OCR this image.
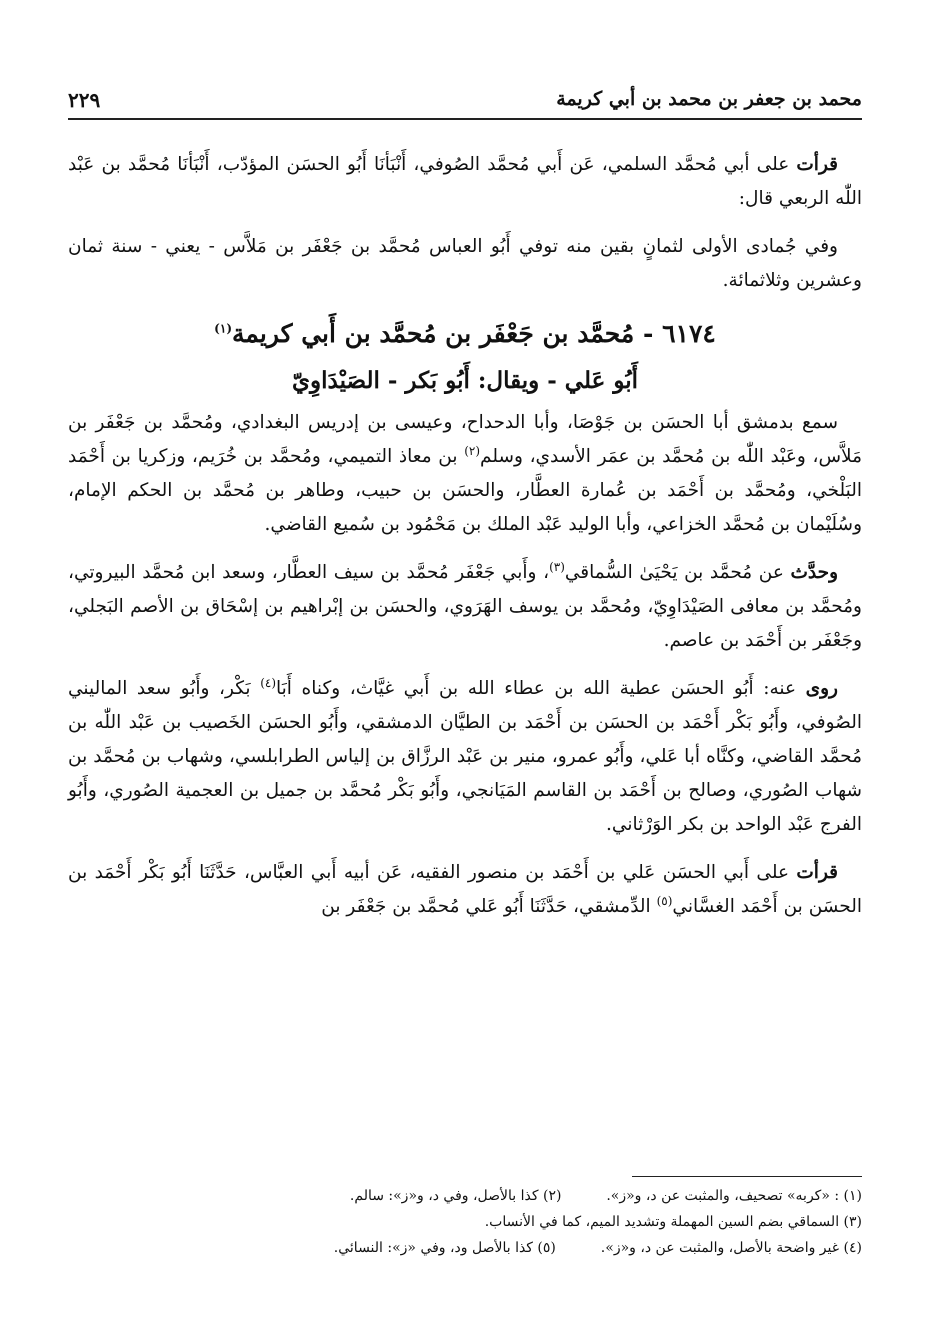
محمد بن جعفر بن محمد بن أبي كريمة
٢٢٩

قرأت على أبي مُحمَّد السلمي، عَن أَبي مُحمَّد الصُوفي، أَنْبَأنَا أَبُو الحسَن المؤدّب، أَنْبَأنَا مُحمَّد بن عَبْد اللّٰه الربعي قال:

وفي جُمادى الأولى لثمانٍ بقين منه توفي أَبُو العباس مُحمَّد بن جَعْفَر بن مَلاَّس - يعني - سنة ثمان وعشرين وثلاثمائة.

٦١٧٤ - مُحمَّد بن جَعْفَر بن مُحمَّد بن أَبي كريمة$^{(١)}$
أَبُو عَلي - ويقال: أَبُو بَكر - الصَيْدَاوِيّ

سمع بدمشق أبا الحسَن بن جَوْصَا، وأبا الدحداح، وعيسى بن إدريس البغدادي، ومُحمَّد بن جَعْفَر بن مَلاَّس، وعَبْد اللّٰه بن مُحمَّد بن عمَر الأسدي، وسلم$^{(٢)}$ بن معاذ التميمي، ومُحمَّد بن خُرَيم، وزكريا بن أَحْمَد البَلْخي، ومُحمَّد بن أَحْمَد بن عُمارة العطَّار، والحسَن بن حبيب، وطاهر بن مُحمَّد بن الحكم الإمام، وسُلَيْمان بن مُحمَّد الخزاعي، وأبا الوليد عَبْد الملك بن مَحْمُود بن سُميع القاضي.

وحدَّث عن مُحمَّد بن يَحْيَىٰ السُّماقي$^{(٣)}$، وأَبي جَعْفَر مُحمَّد بن سيف العطَّار، وسعد ابن مُحمَّد البيروتي، ومُحمَّد بن معافى الصَيْدَاوِيّ، ومُحمَّد بن يوسف الهَرَوي، والحسَن بن إبْراهيم بن إسْحَاق بن الأصم البَجلي، وجَعْفَر بن أَحْمَد بن عاصم.

روى عنه: أَبُو الحسَن عطية الله بن عطاء الله بن أَبي غيَّاث، وكناه أَبَا$^{(٤)}$ بَكْر، وأَبُو سعد الماليني الصُوفي، وأَبُو بَكْر أَحْمَد بن الحسَن بن أَحْمَد بن الطيَّان الدمشقي، وأَبُو الحسَن الخَصيب بن عَبْد اللّٰه بن مُحمَّد القاضي، وكنَّاه أبا عَلي، وأَبُو عمرو، منير بن عَبْد الرزَّاق بن إلياس الطرابلسي، وشهاب بن مُحمَّد بن شهاب الصُوري، وصالح بن أَحْمَد بن القاسم المَيَانجي، وأَبُو بَكْر مُحمَّد بن جميل بن العجمية الصُوري، وأَبُو الفرج عَبْد الواحد بن بكر الوَرْثاني.

قرأت على أَبي الحسَن عَلي بن أَحْمَد بن منصور الفقيه، عَن أبيه أَبي العبَّاس، حَدَّثَنَا أَبُو بَكْر أَحْمَد بن الحسَن بن أَحْمَد الغسَّاني$^{(٥)}$ الدِّمشقي، حَدَّثَنَا أَبُو عَلي مُحمَّد بن جَعْفَر بن

(١) : «كربه» تصحيف، والمثبت عن د، و«ز».  (٢) كذا بالأصل، وفي د، و«ز»: سالم.

(٣) السماقي بضم السين المهملة وتشديد الميم، كما في الأنساب.

(٤) غير واضحة بالأصل، والمثبت عن د، و«ز».  (٥) كذا بالأصل ود، وفي «ز»: النسائي.
